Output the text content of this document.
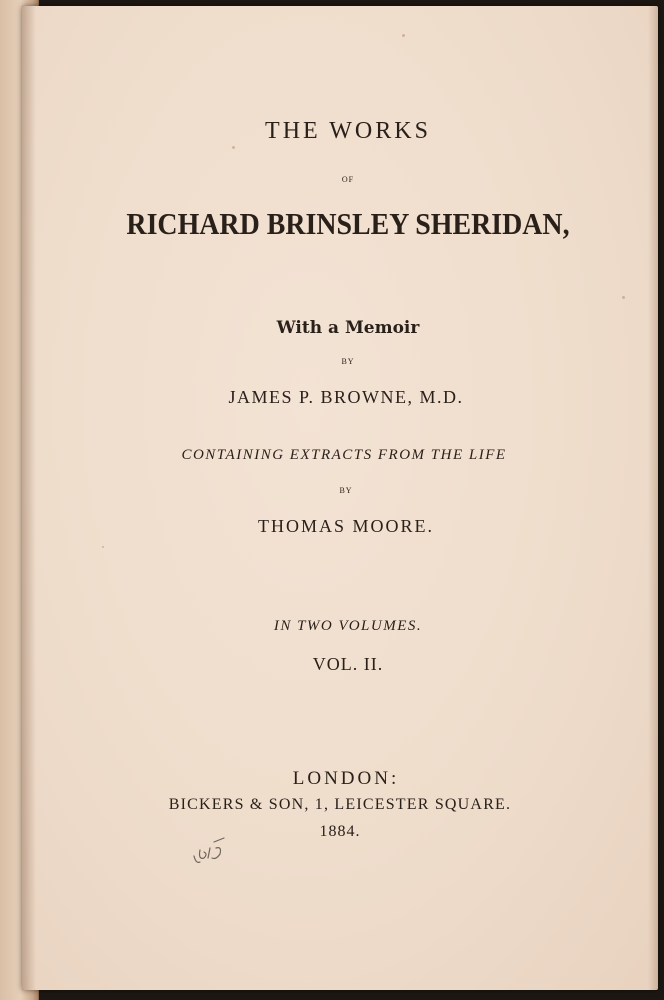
THE WORKS
OF
RICHARD BRINSLEY SHERIDAN,
With a Memoir
BY
JAMES P. BROWNE, M.D.
CONTAINING EXTRACTS FROM THE LIFE
BY
THOMAS MOORE.
IN TWO VOLUMES.
VOL. II.
LONDON:
BICKERS & SON, 1, LEICESTER SQUARE.
1884.
